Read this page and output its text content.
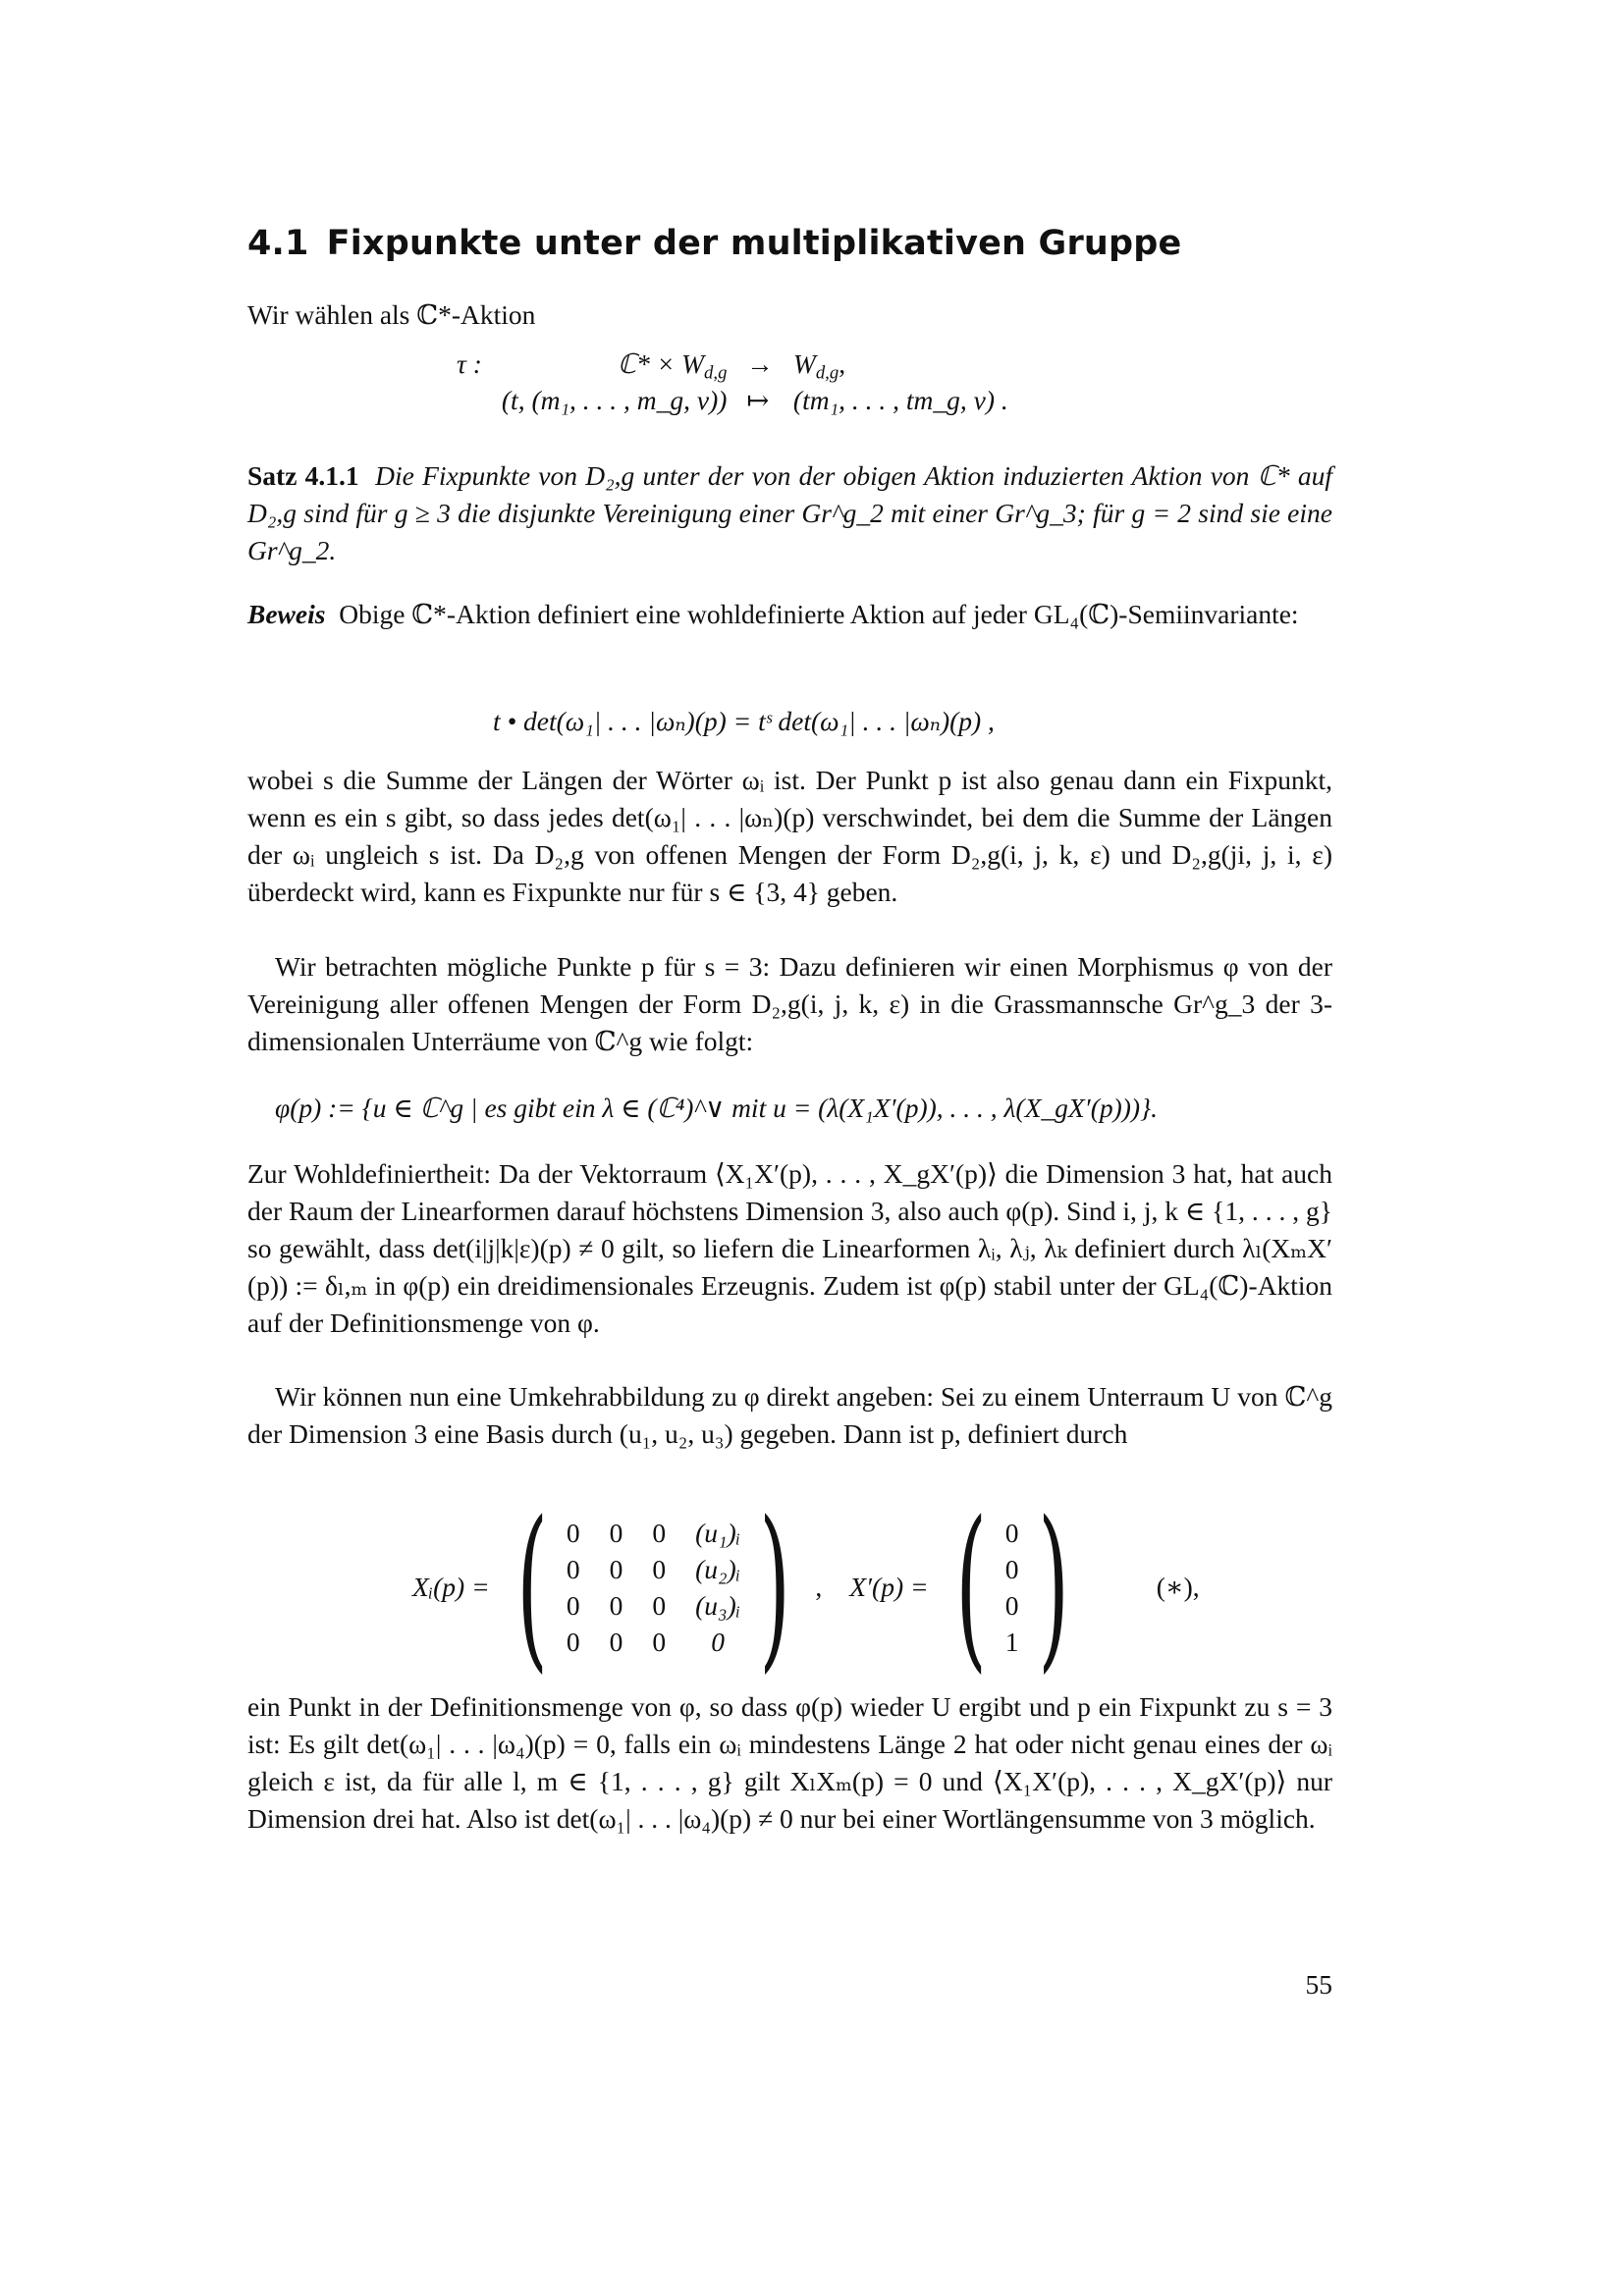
4.1 Fixpunkte unter der multiplikativen Gruppe

Wir wählen als ℂ*-Aktion

τ :	ℂ* × $W_{d,g}$	→	$W_{d,g}$,
	(t, (m₁, . . . , m_g, v))	↦	(tm₁, . . . , tm_g, v) .

Satz 4.1.1 Die Fixpunkte von D₂,g unter der von der obigen Aktion induzierten Aktion von ℂ* auf D₂,g sind für g ≥ 3 die disjunkte Vereinigung einer Gr^g_2 mit einer Gr^g_3; für g = 2 sind sie eine Gr^g_2.

Beweis Obige ℂ*-Aktion definiert eine wohldefinierte Aktion auf jeder GL₄(ℂ)-Semiinvariante:

t • det(ω₁| . . . |ωₙ)(p) = tˢ det(ω₁| . . . |ωₙ)(p) ,

wobei s die Summe der Längen der Wörter ωᵢ ist. Der Punkt p ist also genau dann ein Fixpunkt, wenn es ein s gibt, so dass jedes det(ω₁| . . . |ωₙ)(p) verschwindet, bei dem die Summe der Längen der ωᵢ ungleich s ist. Da D₂,g von offenen Mengen der Form D₂,g(i, j, k, ε) und D₂,g(ji, j, i, ε) überdeckt wird, kann es Fixpunkte nur für s ∈ {3, 4} geben.

Wir betrachten mögliche Punkte p für s = 3: Dazu definieren wir einen Morphismus φ von der Vereinigung aller offenen Mengen der Form D₂,g(i, j, k, ε) in die Grassmannsche Gr^g_3 der 3-dimensionalen Unterräume von ℂ^g wie folgt:

φ(p) := {u ∈ ℂ^g | es gibt ein λ ∈ (ℂ⁴)^∨ mit u = (λ(X₁X′(p)), . . . , λ(X_gX′(p)))}.

Zur Wohldefiniertheit: Da der Vektorraum ⟨X₁X′(p), . . . , X_gX′(p)⟩ die Dimension 3 hat, hat auch der Raum der Linearformen darauf höchstens Dimension 3, also auch φ(p). Sind i, j, k ∈ {1, . . . , g} so gewählt, dass det(i|j|k|ε)(p) ≠ 0 gilt, so liefern die Linearformen λᵢ, λⱼ, λₖ definiert durch λₗ(XₘX′(p)) := δₗ,ₘ in φ(p) ein dreidimensionales Erzeugnis. Zudem ist φ(p) stabil unter der GL₄(ℂ)-Aktion auf der Definitionsmenge von φ.

Wir können nun eine Umkehrabbildung zu φ direkt angeben: Sei zu einem Unterraum U von ℂ^g der Dimension 3 eine Basis durch (u₁, u₂, u₃) gegeben. Dann ist p, definiert durch

Xᵢ(p) = ( 0 0 0 (u₁)ᵢ
0 0 0 (u₂)ᵢ
0 0 0 (u₃)ᵢ
0 0 0	0 ) , X′(p) = ( 0
0
0
1 )	(∗),

ein Punkt in der Definitionsmenge von φ, so dass φ(p) wieder U ergibt und p ein Fixpunkt zu s = 3 ist: Es gilt det(ω₁| . . . |ω₄)(p) = 0, falls ein ωᵢ mindestens Länge 2 hat oder nicht genau eines der ωᵢ gleich ε ist, da für alle l, m ∈ {1, . . . , g} gilt XₗXₘ(p) = 0 und ⟨X₁X′(p), . . . , X_gX′(p)⟩ nur Dimension drei hat. Also ist det(ω₁| . . . |ω₄)(p) ≠ 0 nur bei einer Wortlängensumme von 3 möglich.

55
